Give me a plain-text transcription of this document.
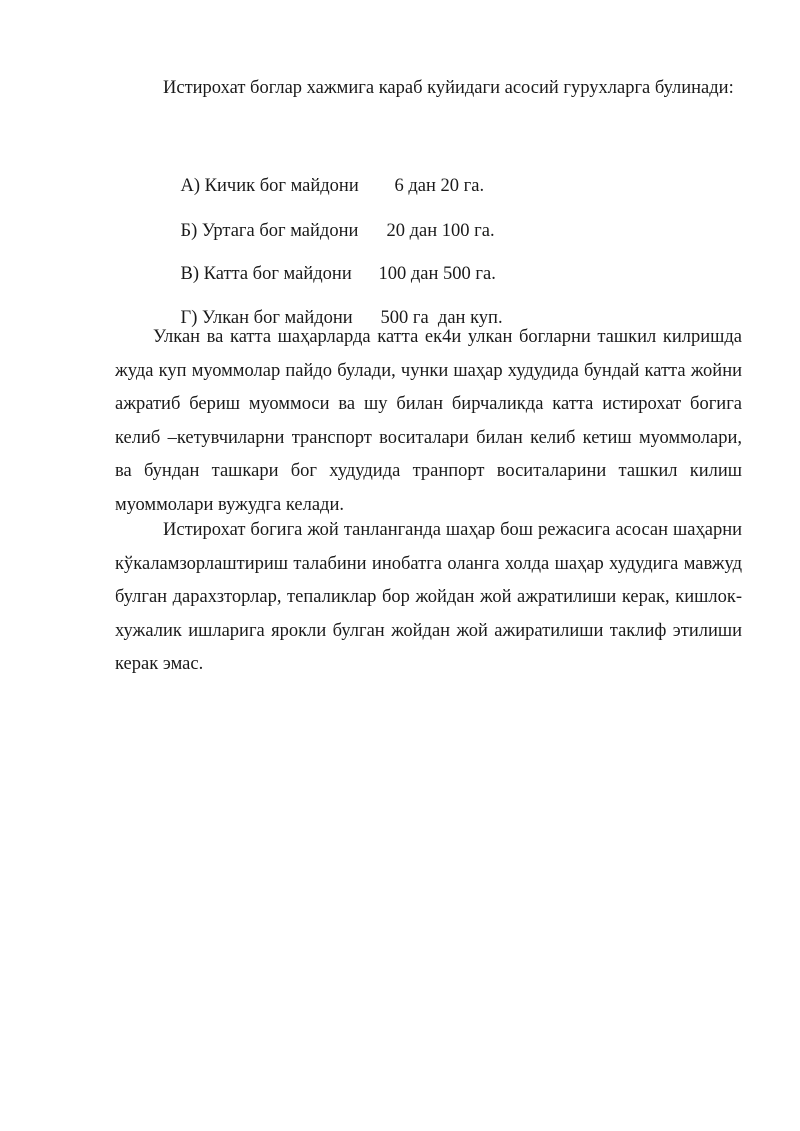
Истирохат боглар хажмига караб куйидаги асосий гурухларга булинади:

А) Кичик бог майдони 6 дан 20 га.

Б) Уртага бог майдони 20 дан 100 га.

В) Катта бог майдони 100 дан 500 га.

Г) Улкан бог майдони 500 га  дан куп.

Улкан ва катта шаҳарларда катта ек4и улкан богларни ташкил килришда жуда куп муоммолар пайдо булади, чунки шаҳар худудида бундай катта жойни ажратиб бериш муоммоси ва шу билан бирчаликда катта истирохат богига келиб –кетувчиларни транспорт воситалари билан келиб кетиш муоммолари, ва бундан ташкари бог худудида транпорт воситаларини ташкил килиш муоммолари вужудга келади.

Истирохат богига жой танланганда шаҳар бош режасига асосан шаҳарни кўкаламзорлаштириш талабини инобатга оланга холда шаҳар худудига мавжуд булган дарахзторлар, тепаликлар бор жойдан жой ажратилиши керак, кишлок- хужалик ишларига ярокли булган жойдан жой ажиратилиши таклиф этилиши керак эмас.
